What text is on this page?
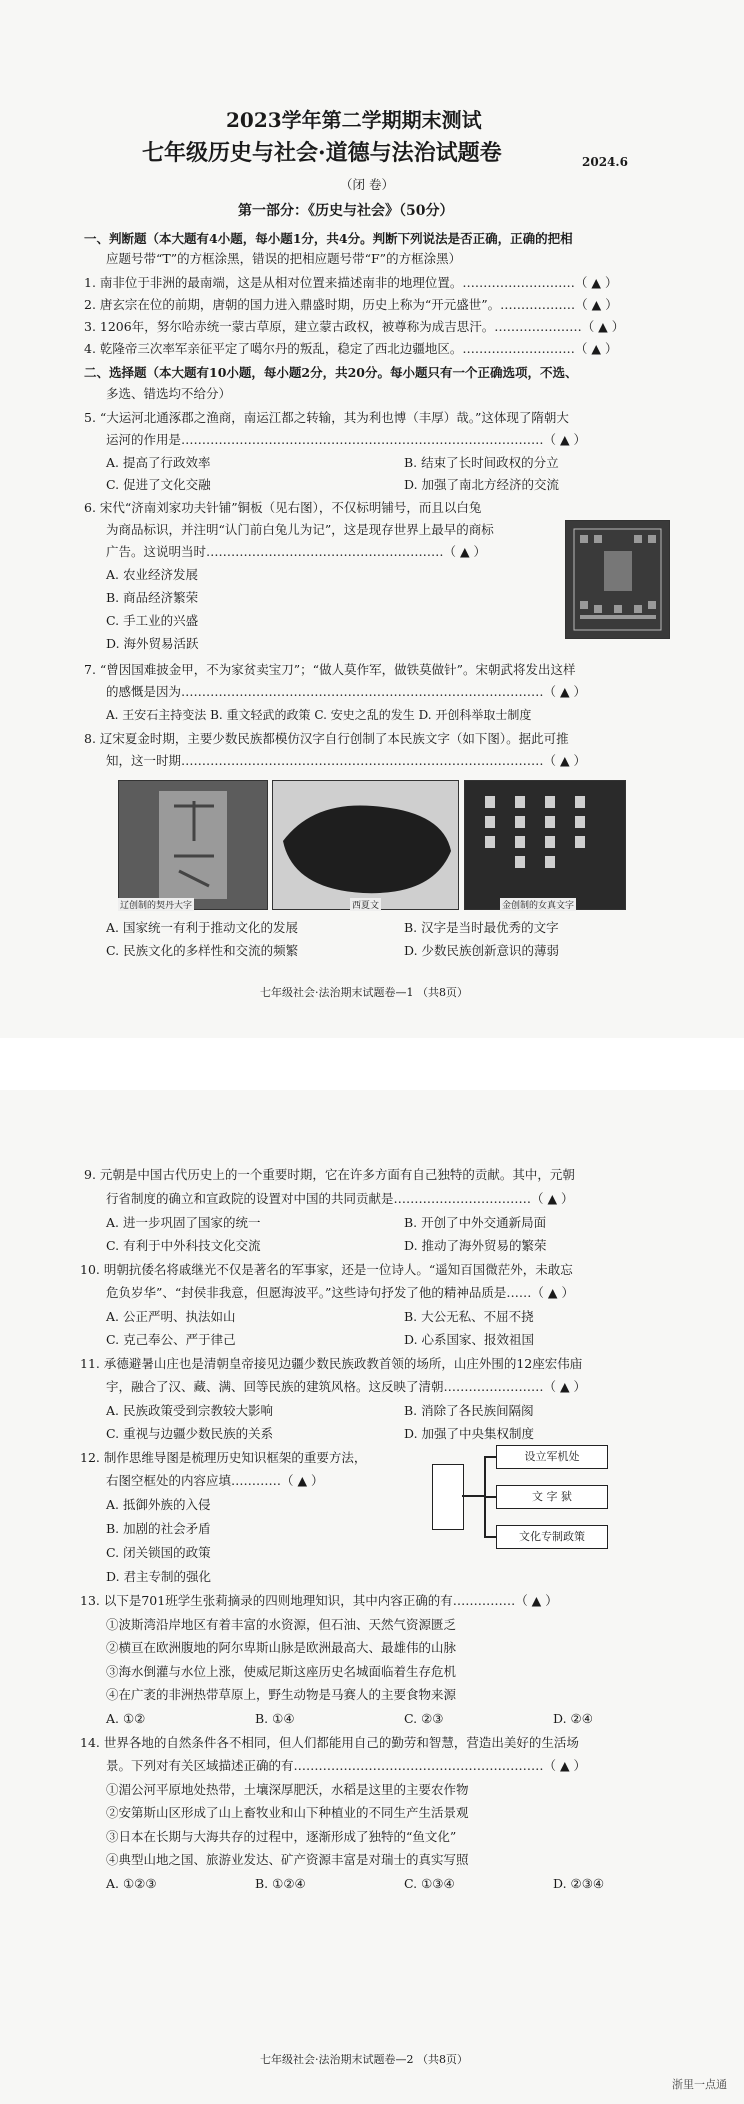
2023学年第二学期期末测试
七年级历史与社会·道德与法治试题卷	2024.6
（闭 卷）
第一部分：《历史与社会》（50分）
一、判断题（本大题有4小题，每小题1分，共4分。判断下列说法是否正确，正确的把相
应题号带“T”的方框涂黑，错误的把相应题号带“F”的方框涂黑）
1. 南非位于非洲的最南端，这是从相对位置来描述南非的地理位置。………………………（ ▲ ）
2. 唐玄宗在位的前期，唐朝的国力进入鼎盛时期，历史上称为“开元盛世”。………………（ ▲ ）
3. 1206年，努尔哈赤统一蒙古草原，建立蒙古政权，被尊称为成吉思汗。…………………（ ▲ ）
4. 乾隆帝三次率军亲征平定了噶尔丹的叛乱，稳定了西北边疆地区。………………………（ ▲ ）
二、选择题（本大题有10小题，每小题2分，共20分。每小题只有一个正确选项，不选、
多选、错选均不给分）
5. “大运河北通涿郡之渔商，南运江都之转输，其为利也博（丰厚）哉。”这体现了隋朝大
运河的作用是……………………………………………………………………………（ ▲ ）
A. 提高了行政效率	B. 结束了长时间政权的分立
C. 促进了文化交融	D. 加强了南北方经济的交流
6. 宋代“济南刘家功夫针铺”铜板（见右图），不仅标明铺号，而且以白兔
为商品标识，并注明“认门前白兔儿为记”，这是现存世界上最早的商标
广告。这说明当时…………………………………………………（ ▲ ）
A. 农业经济发展
B. 商品经济繁荣
C. 手工业的兴盛
D. 海外贸易活跃
7. “曾因国难披金甲，不为家贫卖宝刀”；“做人莫作军，做铁莫做针”。宋朝武将发出这样
的感慨是因为……………………………………………………………………………（ ▲ ）
A. 王安石主持变法 B. 重文轻武的政策 C. 安史之乱的发生 D. 开创科举取士制度
8. 辽宋夏金时期，主要少数民族都模仿汉字自行创制了本民族文字（如下图）。据此可推
知，这一时期……………………………………………………………………………（ ▲ ）
辽创制的契丹大字	西夏文	金创制的女真文字
A. 国家统一有利于推动文化的发展	B. 汉字是当时最优秀的文字
C. 民族文化的多样性和交流的频繁	D. 少数民族创新意识的薄弱
七年级社会·法治期末试题卷—1 （共8页）
9. 元朝是中国古代历史上的一个重要时期，它在许多方面有自己独特的贡献。其中，元朝
行省制度的确立和宣政院的设置对中国的共同贡献是……………………………（ ▲ ）
A. 进一步巩固了国家的统一	B. 开创了中外交通新局面
C. 有利于中外科技文化交流	D. 推动了海外贸易的繁荣
10. 明朝抗倭名将戚继光不仅是著名的军事家，还是一位诗人。“遥知百国微茫外，未敢忘
危负岁华”、“封侯非我意，但愿海波平。”这些诗句抒发了他的精神品质是……（ ▲ ）
A. 公正严明、执法如山	B. 大公无私、不屈不挠
C. 克己奉公、严于律己	D. 心系国家、报效祖国
11. 承德避暑山庄也是清朝皇帝接见边疆少数民族政教首领的场所，山庄外围的12座宏伟庙
宇，融合了汉、藏、满、回等民族的建筑风格。这反映了清朝……………………（ ▲ ）
A. 民族政策受到宗教较大影响	B. 消除了各民族间隔阂
C. 重视与边疆少数民族的关系	D. 加强了中央集权制度
12. 制作思维导图是梳理历史知识框架的重要方法，
右图空框处的内容应填…………（ ▲ ）
A. 抵御外族的入侵
B. 加剧的社会矛盾
C. 闭关锁国的政策
D. 君主专制的强化
设立军机处
文 字 狱
文化专制政策
13. 以下是701班学生张莉摘录的四则地理知识，其中内容正确的有……………（ ▲ ）
①波斯湾沿岸地区有着丰富的水资源，但石油、天然气资源匮乏
②横亘在欧洲腹地的阿尔卑斯山脉是欧洲最高大、最雄伟的山脉
③海水倒灌与水位上涨，使威尼斯这座历史名城面临着生存危机
④在广袤的非洲热带草原上，野生动物是马赛人的主要食物来源
A. ①②	B. ①④	C. ②③	D. ②④
14. 世界各地的自然条件各不相同，但人们都能用自己的勤劳和智慧，营造出美好的生活场
景。下列对有关区域描述正确的有……………………………………………………（ ▲ ）
①湄公河平原地处热带，土壤深厚肥沃，水稻是这里的主要农作物
②安第斯山区形成了山上畜牧业和山下种植业的不同生产生活景观
③日本在长期与大海共存的过程中，逐渐形成了独特的“鱼文化”
④典型山地之国、旅游业发达、矿产资源丰富是对瑞士的真实写照
A. ①②③	B. ①②④	C. ①③④	D. ②③④
七年级社会·法治期末试题卷—2 （共8页）
浙里一点通
